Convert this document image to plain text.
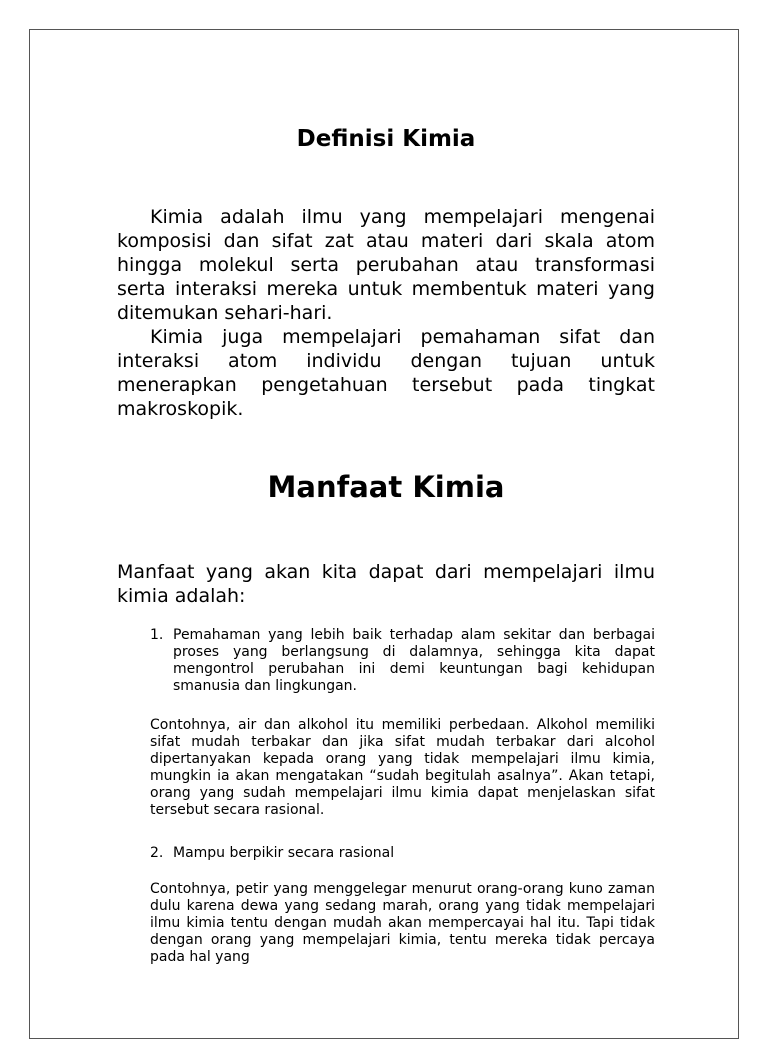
Definisi Kimia

Kimia adalah ilmu yang mempelajari mengenai komposisi dan sifat zat atau materi dari skala atom hingga molekul serta perubahan atau transformasi serta interaksi mereka untuk membentuk materi yang ditemukan sehari-hari.

Kimia juga mempelajari pemahaman sifat dan interaksi atom individu dengan tujuan untuk menerapkan pengetahuan tersebut pada tingkat makroskopik.

Manfaat Kimia

Manfaat yang akan kita dapat dari mempelajari ilmu kimia adalah:

1. Pemahaman yang lebih baik terhadap alam sekitar dan berbagai proses yang berlangsung di dalamnya, sehingga kita dapat mengontrol perubahan ini demi keuntungan bagi kehidupan smanusia dan lingkungan.

Contohnya, air dan alkohol itu memiliki perbedaan. Alkohol memiliki sifat mudah terbakar dan jika sifat mudah terbakar dari alcohol dipertanyakan kepada orang yang tidak mempelajari ilmu kimia, mungkin ia akan mengatakan “sudah begitulah asalnya”. Akan tetapi, orang yang sudah mempelajari ilmu kimia dapat menjelaskan sifat tersebut secara rasional.

2. Mampu berpikir secara rasional

Contohnya, petir yang menggelegar menurut orang-orang kuno zaman dulu karena dewa yang sedang marah, orang yang tidak mempelajari ilmu kimia tentu dengan mudah akan mempercayai hal itu. Tapi tidak dengan orang yang mempelajari kimia, tentu mereka tidak percaya pada hal yang
